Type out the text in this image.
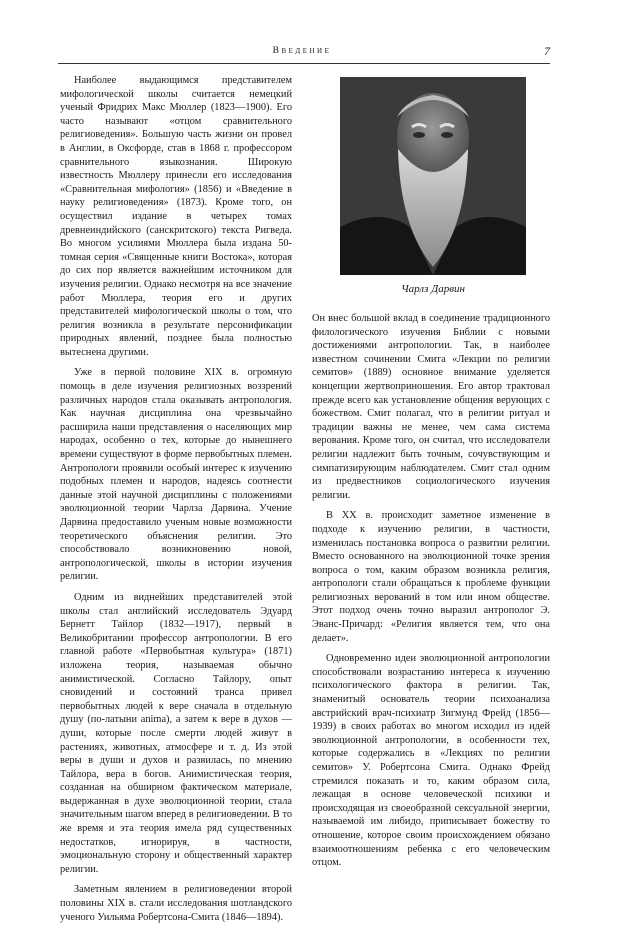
Введение	7

Наиболее выдающимся представителем мифологической школы считается немецкий ученый Фридрих Макс Мюллер (1823—1900). Его часто называют «отцом сравнительного религиоведения». Большую часть жизни он провел в Англии, в Оксфорде, став в 1868 г. профессором сравнительного языкознания. Широкую известность Мюллеру принесли его исследования «Сравнительная мифология» (1856) и «Введение в науку религиоведения» (1873). Кроме того, он осуществил издание в четырех томах древнеиндийского (санскритского) текста Ригведа. Во многом усилиями Мюллера была издана 50-томная серия «Священные книги Востока», которая до сих пор является важнейшим источником для изучения религии. Однако несмотря на все значение работ Мюллера, теория его и других представителей мифологической школы о том, что религия возникла в результате персонификации природных явлений, позднее была полностью вытеснена другими.

Уже в первой половине XIX в. огромную помощь в деле изучения религиозных воззрений различных народов стала оказывать антропология. Как научная дисциплина она чрезвычайно расширила наши представления о населяющих мир народах, особенно о тех, которые до нынешнего времени существуют в форме первобытных племен. Антропологи проявили особый интерес к изучению подобных племен и народов, надеясь соотнести данные этой научной дисциплины с положениями эволюционной теории Чарлза Дарвина. Учение Дарвина предоставило ученым новые возможности теоретического объяснения религии. Это способствовало возникновению новой, антропологической, школы в истории изучения религии.

Одним из виднейших представителей этой школы стал английский исследователь Эдуард Бернетт Тайлор (1832—1917), первый в Великобритании профессор антропологии. В его главной работе «Первобытная культура» (1871) изложена теория, называемая обычно анимистической. Согласно Тайлору, опыт сновидений и состояний транса привел первобытных людей к вере сначала в отдельную душу (по-латыни anima), а затем к вере в духов — души, которые после смерти людей живут в растениях, животных, атмосфере и т. д. Из этой веры в души и духов и развилась, по мнению Тайлора, вера в богов. Анимистическая теория, созданная на обширном фактическом материале, выдержанная в духе эволюционной теории, стала значительным шагом вперед в религиоведении. В то же время и эта теория имела ряд существенных недостатков, игнорируя, в частности, эмоциональную сторону и общественный характер религии.

Заметным явлением в религиоведении второй половины XIX в. стали исследования шотландского ученого Уильяма Робертсона-Смита (1846—1894).

Чарлз Дарвин

Он внес большой вклад в соединение традиционного филологического изучения Библии с новыми достижениями антропологии. Так, в наиболее известном сочинении Смита «Лекции по религии семитов» (1889) основное внимание уделяется концепции жертвоприношения. Его автор трактовал прежде всего как установление общения верующих с божеством. Смит полагал, что в религии ритуал и традиции важны не менее, чем сама система верования. Кроме того, он считал, что исследователи религии надлежит быть точным, сочувствующим и симпатизирующим наблюдателем. Смит стал одним из предвестников социологического изучения религии.

В XX в. происходит заметное изменение в подходе к изучению религии, в частности, изменилась постановка вопроса о развитии религии. Вместо основанного на эволюционной точке зрения вопроса о том, каким образом возникла религия, антропологи стали обращаться к проблеме функции религиозных верований в том или ином обществе. Этот подход очень точно выразил антрополог Э. Эванс-Причард: «Религия является тем, что она делает».

Одновременно идеи эволюционной антропологии способствовали возрастанию интереса к изучению психологического фактора в религии. Так, знаменитый основатель теории психоанализа австрийский врач-психиатр Зигмунд Фрейд (1856—1939) в своих работах во многом исходил из идей эволюционной антропологии, в особенности тех, которые содержались в «Лекциях по религии семитов» У. Робертсона Смита. Однако Фрейд стремился показать и то, каким образом сила, лежащая в основе человеческой психики и происходящая из своеобразной сексуальной энергии, называемой им либидо, приписывает божеству то отношение, которое своим происхождением обязано взаимоотношениям ребенка с его человеческим отцом.
